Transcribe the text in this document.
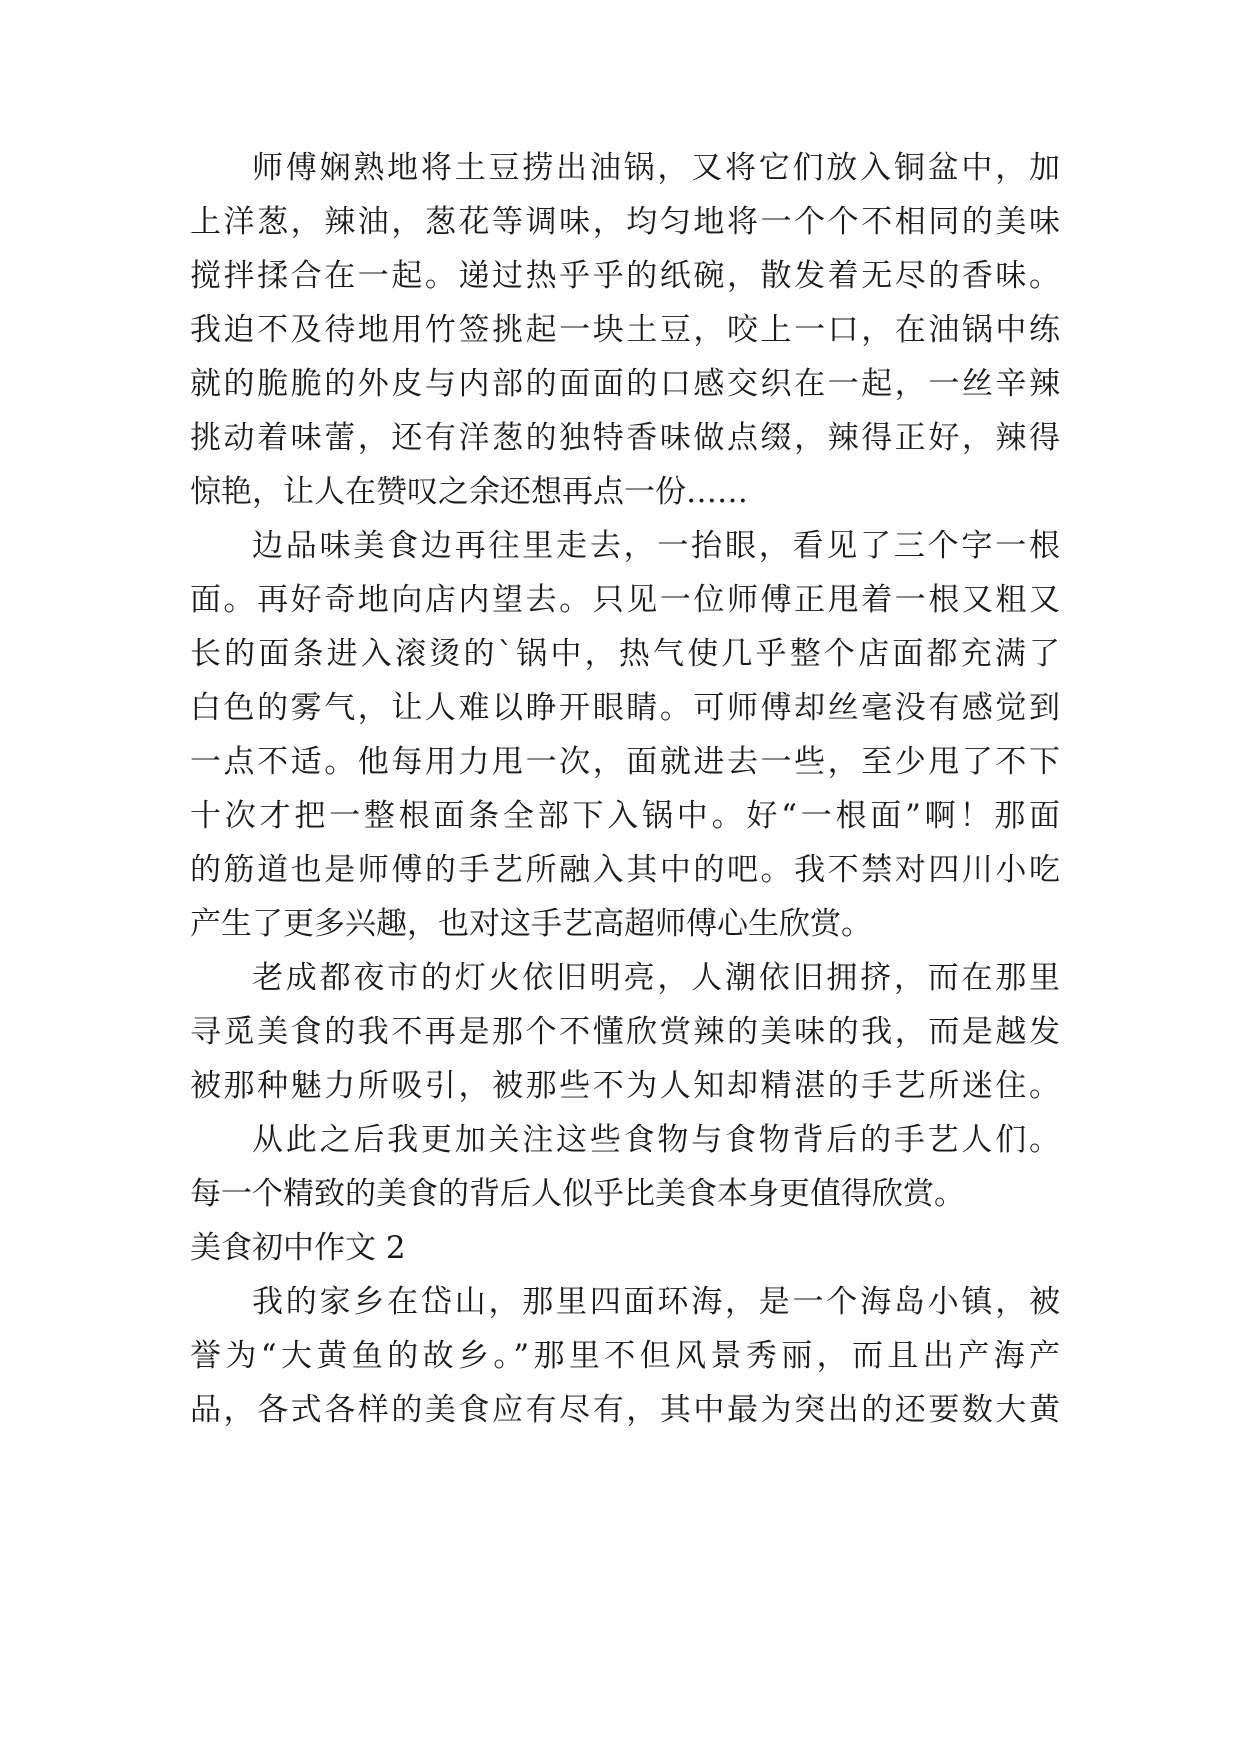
师傅娴熟地将土豆捞出油锅，又将它们放入铜盆中，加
上洋葱，辣油，葱花等调味，均匀地将一个个不相同的美味
搅拌揉合在一起。递过热乎乎的纸碗，散发着无尽的香味。
我迫不及待地用竹签挑起一块土豆，咬上一口，在油锅中练
就的脆脆的外皮与内部的面面的口感交织在一起，一丝辛辣
挑动着味蕾，还有洋葱的独特香味做点缀，辣得正好，辣得
惊艳，让人在赞叹之余还想再点一份……
边品味美食边再往里走去，一抬眼，看见了三个字一根
面。再好奇地向店内望去。只见一位师傅正甩着一根又粗又
长的面条进入滚烫的`锅中，热气使几乎整个店面都充满了
白色的雾气，让人难以睁开眼睛。可师傅却丝毫没有感觉到
一点不适。他每用力甩一次，面就进去一些，至少甩了不下
十次才把一整根面条全部下入锅中。好“一根面”啊！那面
的筋道也是师傅的手艺所融入其中的吧。我不禁对四川小吃
产生了更多兴趣，也对这手艺高超师傅心生欣赏。
老成都夜市的灯火依旧明亮，人潮依旧拥挤，而在那里
寻觅美食的我不再是那个不懂欣赏辣的美味的我，而是越发
被那种魅力所吸引，被那些不为人知却精湛的手艺所迷住。
从此之后我更加关注这些食物与食物背后的手艺人们。
每一个精致的美食的背后人似乎比美食本身更值得欣赏。
美食初中作文 2
我的家乡在岱山，那里四面环海，是一个海岛小镇，被
誉为“大黄鱼的故乡。”那里不但风景秀丽，而且出产海产
品，各式各样的美食应有尽有，其中最为突出的还要数大黄
